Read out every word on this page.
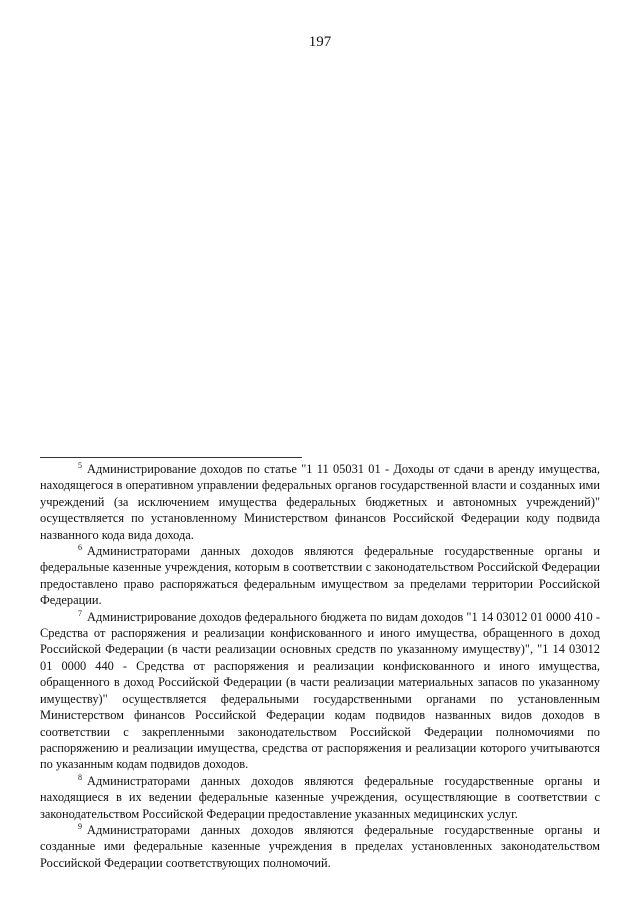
197

$^5$ Администрирование доходов по статье "1 11 05031 01 - Доходы от сдачи в аренду имущества, находящегося в оперативном управлении федеральных органов государственной власти и созданных ими учреждений (за исключением имущества федеральных бюджетных и автономных учреждений)" осуществляется по установленному Министерством финансов Российской Федерации коду подвида названного кода вида дохода.

$^6$ Администраторами данных доходов являются федеральные государственные органы и федеральные казенные учреждения, которым в соответствии с законодательством Российской Федерации предоставлено право распоряжаться федеральным имуществом за пределами территории Российской Федерации.

$^7$ Администрирование доходов федерального бюджета по видам доходов "1 14 03012 01 0000 410 - Средства от распоряжения и реализации конфискованного и иного имущества, обращенного в доход Российской Федерации (в части реализации основных средств по указанному имуществу)", "1 14 03012 01 0000 440 - Средства от распоряжения и реализации конфискованного и иного имущества, обращенного в доход Российской Федерации (в части реализации материальных запасов по указанному имуществу)" осуществляется федеральными государственными органами по установленным Министерством финансов Российской Федерации кодам подвидов названных видов доходов в соответствии с закрепленными законодательством Российской Федерации полномочиями по распоряжению и реализации имущества, средства от распоряжения и реализации которого учитываются по указанным кодам подвидов доходов.

$^8$ Администраторами данных доходов являются федеральные государственные органы и находящиеся в их ведении федеральные казенные учреждения, осуществляющие в соответствии с законодательством Российской Федерации предоставление указанных медицинских услуг.

$^9$ Администраторами данных доходов являются федеральные государственные органы и созданные ими федеральные казенные учреждения в пределах установленных законодательством Российской Федерации соответствующих полномочий.
